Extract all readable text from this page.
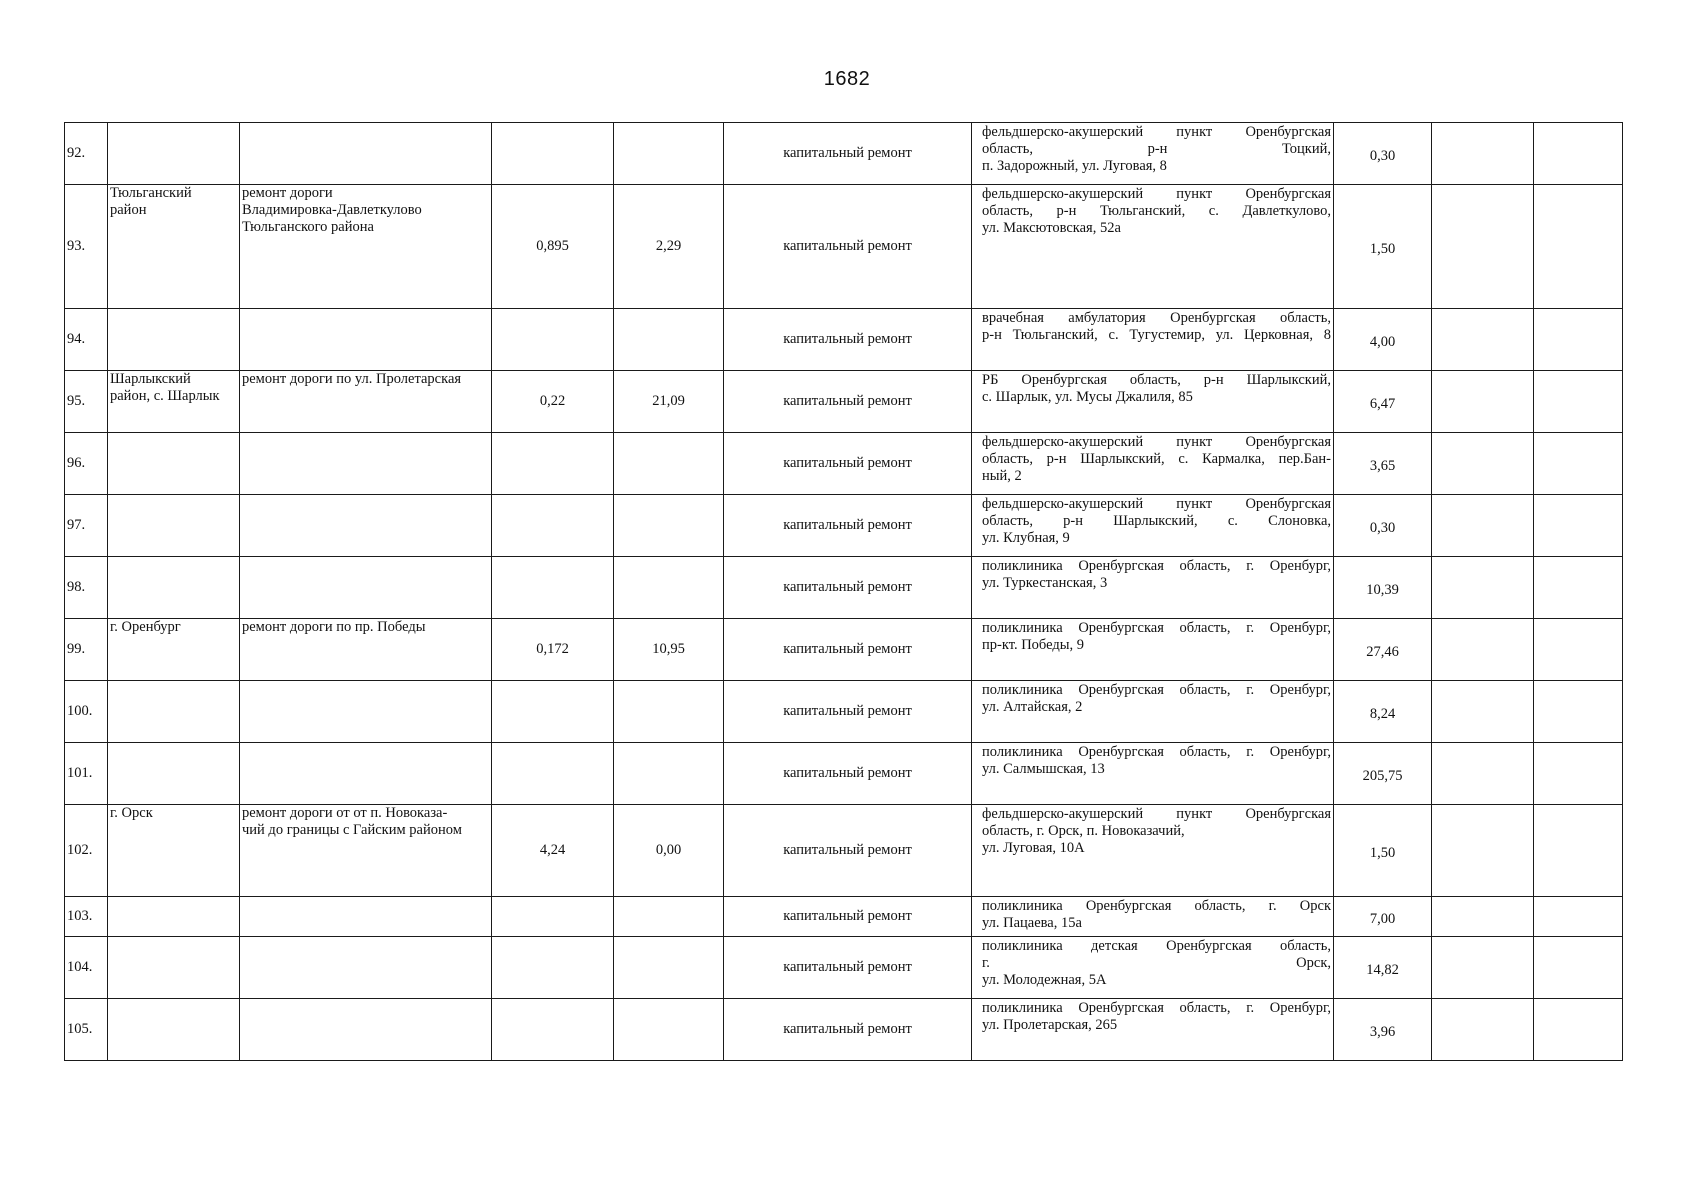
1682
92.					капитальный ремонт	фельдшерско-акушерский пункт Оренбургская
область, р-н Тоцкий,
п. Задорожный, ул. Луговая, 8	0,30		
93.	Тюльганский
район	ремонт дороги
Владимировка-Давлеткулово
Тюльганского района	0,895	2,29	капитальный ремонт	фельдшерско-акушерский пункт Оренбургская
область, р-н Тюльганский, с. Давлеткулово,
ул. Максютовская, 52а	1,50		
94.					капитальный ремонт	врачебная амбулатория Оренбургская область,
р-н Тюльганский, с. Тугустемир, ул. Церковная, 8	4,00		
95.	Шарлыкский
район, с. Шарлык	ремонт дороги по ул. Пролетарская	0,22	21,09	капитальный ремонт	РБ Оренбургская область, р-н Шарлыкский,
с. Шарлык, ул. Мусы Джалиля, 85	6,47		
96.					капитальный ремонт	фельдшерско-акушерский пункт Оренбургская
область, р-н Шарлыкский, с. Кармалка, пер.Бан-
ный, 2	3,65		
97.					капитальный ремонт	фельдшерско-акушерский пункт Оренбургская
область, р-н Шарлыкский, с. Слоновка,
ул. Клубная, 9	0,30		
98.					капитальный ремонт	поликлиника Оренбургская область, г. Оренбург,
ул. Туркестанская, 3	10,39		
99.	г. Оренбург	ремонт дороги по пр. Победы	0,172	10,95	капитальный ремонт	поликлиника Оренбургская область, г. Оренбург,
пр-кт. Победы, 9	27,46		
100.					капитальный ремонт	поликлиника Оренбургская область, г. Оренбург,
ул. Алтайская, 2	8,24		
101.					капитальный ремонт	поликлиника Оренбургская область, г. Оренбург,
ул. Салмышская, 13	205,75		
102.	г. Орск	ремонт дороги от от п. Новоказа-
чий до границы с Гайским районом	4,24	0,00	капитальный ремонт	фельдшерско-акушерский пункт Оренбургская
область, г. Орск, п. Новоказачий,
ул. Луговая, 10А	1,50		
103.					капитальный ремонт	поликлиника Оренбургская область, г. Орск
ул. Пацаева, 15а	7,00		
104.					капитальный ремонт	поликлиника детская Оренбургская область,
г. Орск,
ул. Молодежная, 5А	14,82		
105.					капитальный ремонт	поликлиника Оренбургская область, г. Оренбург,
ул. Пролетарская, 265	3,96		
